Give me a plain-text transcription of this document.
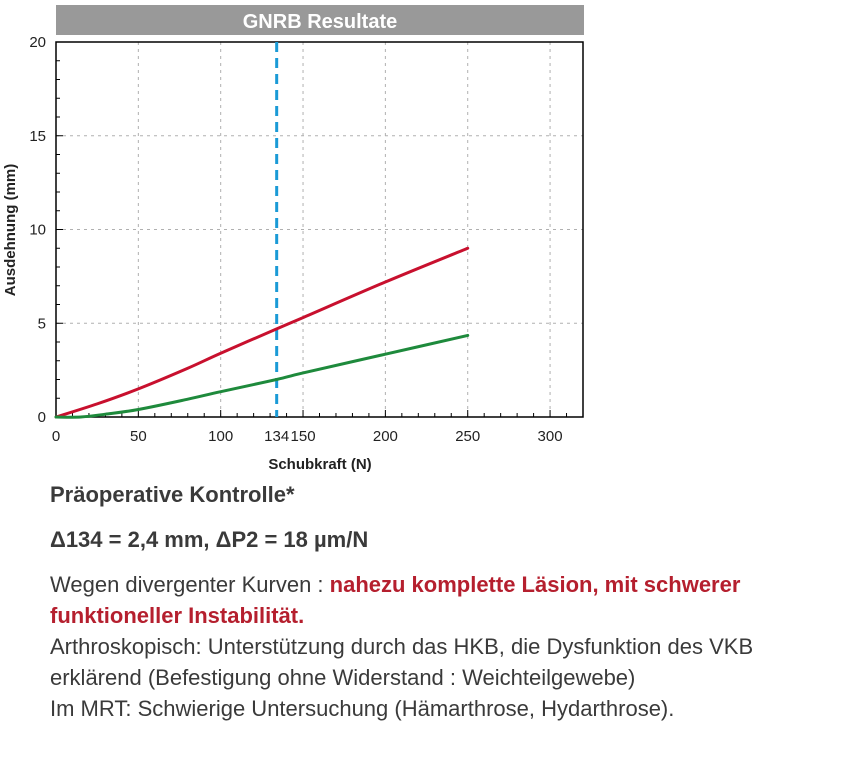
GNRB Resultate
0
5
10
15
20
0	50	100	150	200	250	300
134
Schubkraft (N)
Ausdehnung (mm)
Präoperative Kontrolle*
Δ134 = 2,4 mm, ΔP2 = 18 µm/N
Wegen divergenter Kurven : nahezu komplette Läsion, mit schwerer funktioneller Instabilität.
Arthroskopisch: Unterstützung durch das HKB, die Dysfunktion des VKB erklärend (Befestigung ohne Widerstand : Weichteilgewebe)
Im MRT: Schwierige Untersuchung (Hämarthrose, Hydarthrose).
